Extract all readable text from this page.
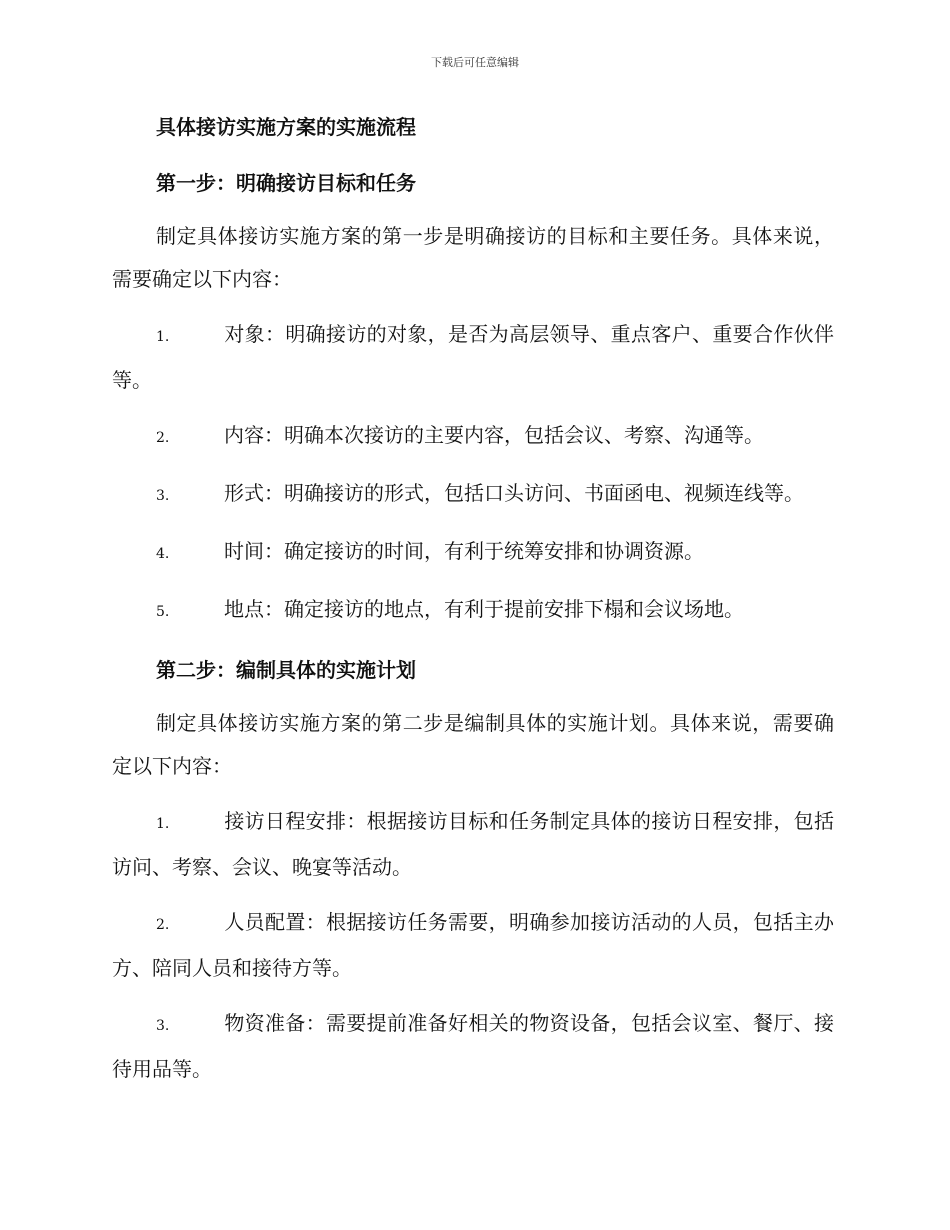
下载后可任意编辑
具体接访实施方案的实施流程
第一步：明确接访目标和任务

制定具体接访实施方案的第一步是明确接访的目标和主要任务。具体来说，需要确定以下内容：

1.	对象：明确接访的对象，是否为高层领导、重点客户、重要合作伙伴等。

2.	内容：明确本次接访的主要内容，包括会议、考察、沟通等。

3.	形式：明确接访的形式，包括口头访问、书面函电、视频连线等。

4.	时间：确定接访的时间，有利于统筹安排和协调资源。

5.	地点：确定接访的地点，有利于提前安排下榻和会议场地。

第二步：编制具体的实施计划

制定具体接访实施方案的第二步是编制具体的实施计划。具体来说，需要确定以下内容：

1.	接访日程安排：根据接访目标和任务制定具体的接访日程安排，包括访问、考察、会议、晚宴等活动。

2.	人员配置：根据接访任务需要，明确参加接访活动的人员，包括主办方、陪同人员和接待方等。

3.	物资准备：需要提前准备好相关的物资设备，包括会议室、餐厅、接待用品等。
